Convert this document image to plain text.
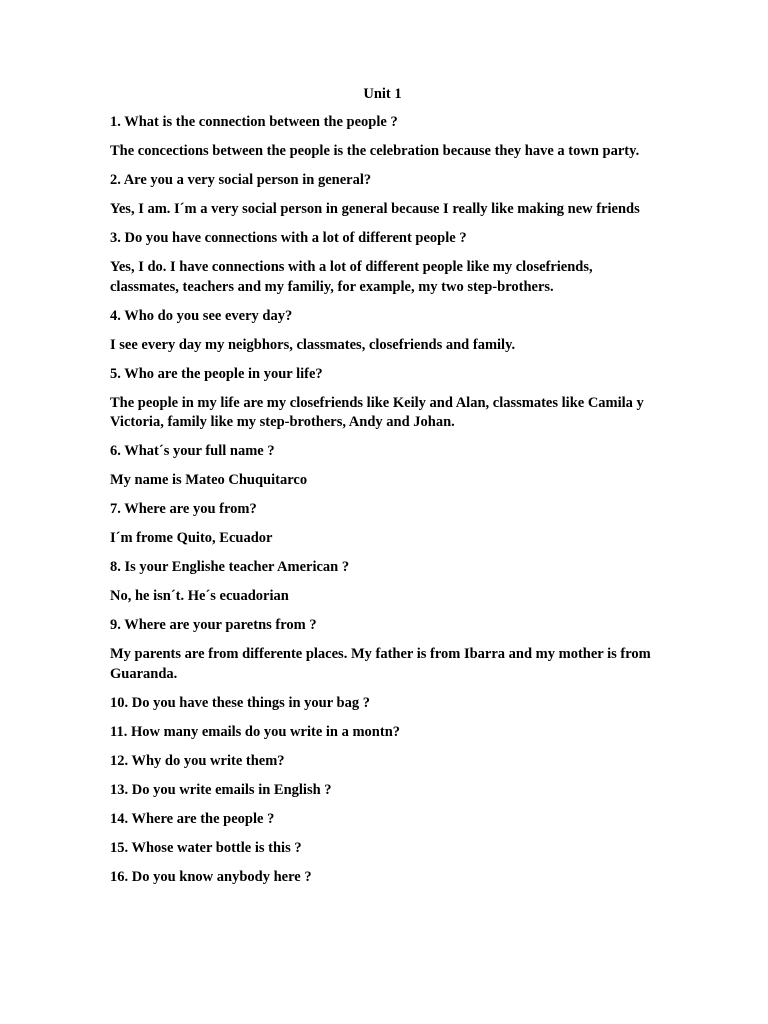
Unit 1
1. What is the connection between the people ?
The concections between the people is the celebration because they have a town party.
2. Are you a very social person in general?
Yes, I am. I´m a very social person in general because I really like making new friends
3. Do you have connections with a lot of different people ?
Yes, I do. I have connections with a lot of different people like my closefriends, classmates, teachers and my familiy, for example, my two step-brothers.
4. Who do you see every day?
I see every day my neigbhors, classmates, closefriends and family.
5. Who are the people in your life?
The people in my life are my closefriends like Keily and Alan, classmates like Camila y Victoria, family like my step-brothers, Andy and Johan.
6. What´s your full name ?
My name is Mateo Chuquitarco
7. Where are you from?
I´m frome Quito, Ecuador
8. Is your Englishe teacher American ?
No, he isn´t. He´s ecuadorian
9. Where are your paretns from ?
My parents are from differente places. My father is from Ibarra and my mother is from Guaranda.
10. Do you have these things in your bag ?
11. How many emails do you write in a montn?
12. Why do you write them?
13. Do you write emails in English ?
14. Where are the people ?
15. Whose water bottle is this ?
16. Do you know anybody here ?
